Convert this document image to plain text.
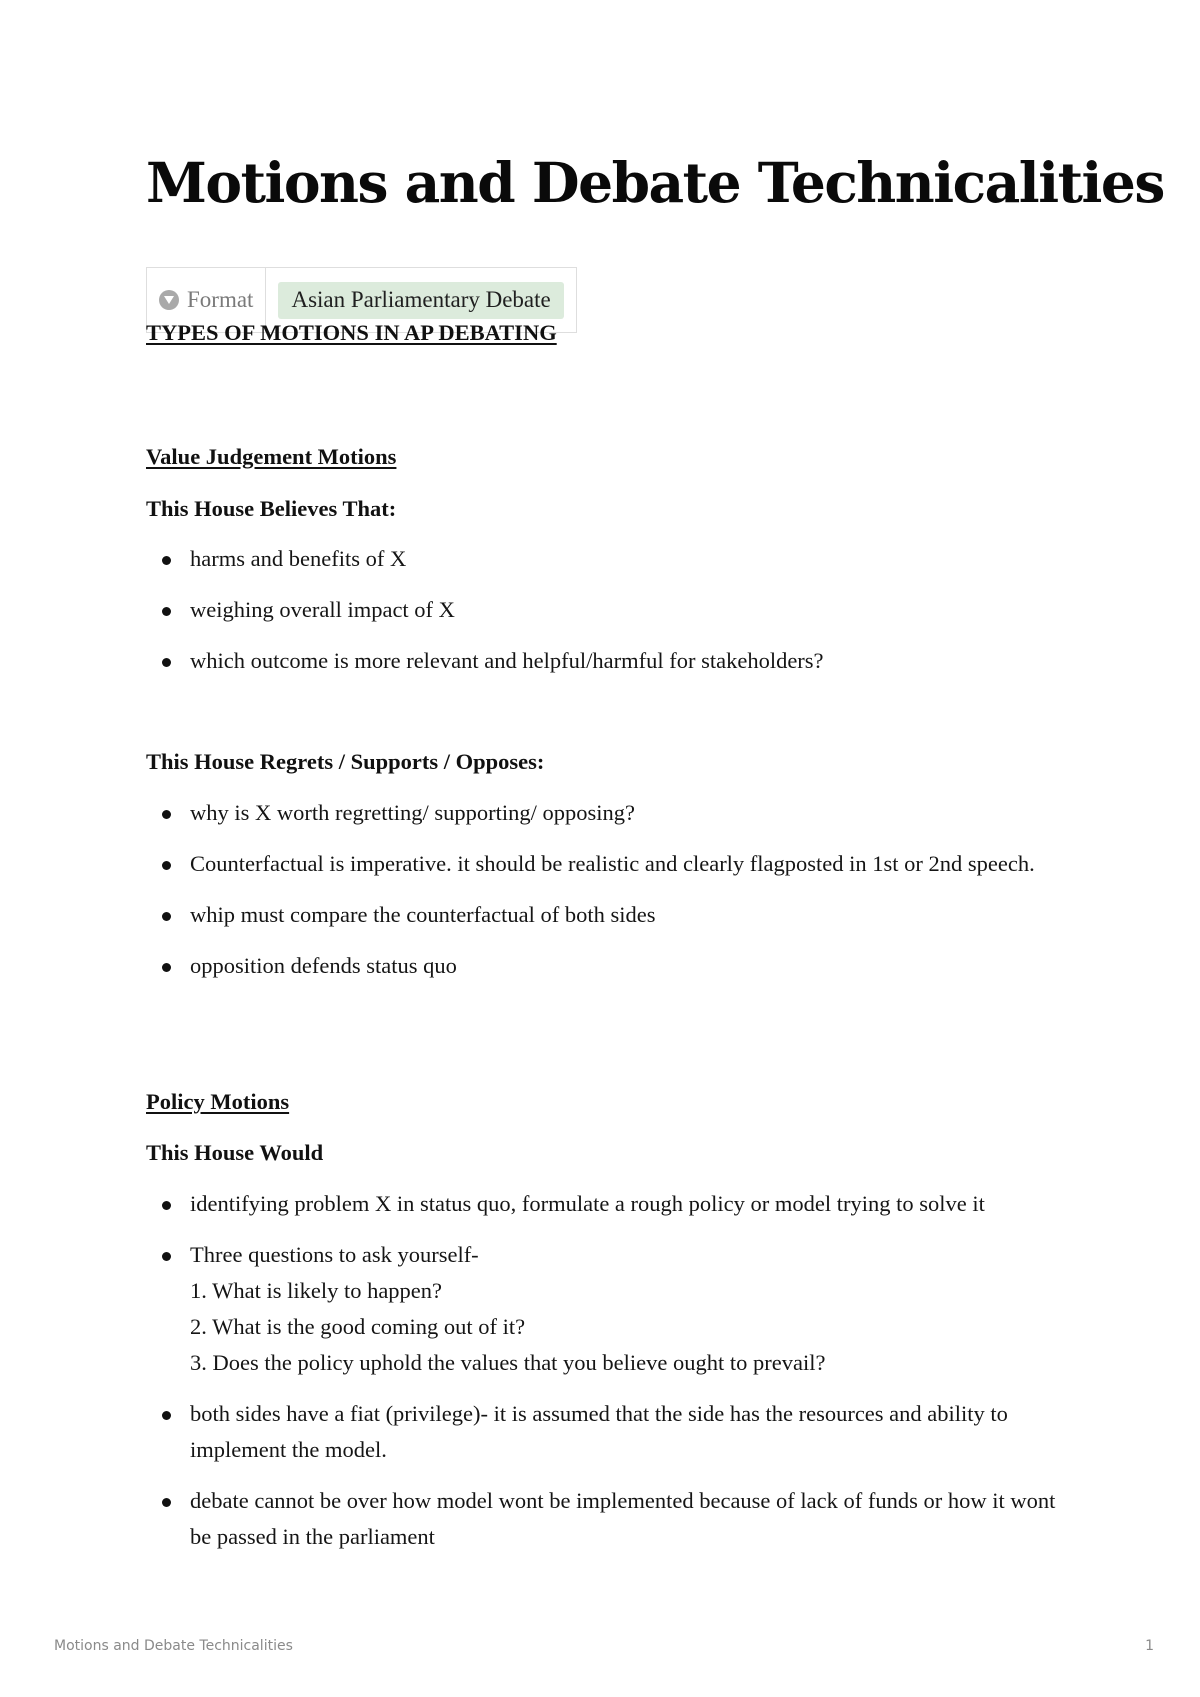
Motions and Debate Technicalities
Format	Asian Parliamentary Debate
TYPES OF MOTIONS IN AP DEBATING
Value Judgement Motions
This House Believes That:
harms and benefits of X
weighing overall impact of X
which outcome is more relevant and helpful/harmful for stakeholders?
This House Regrets / Supports / Opposes:
why is X worth regretting/ supporting/ opposing?
Counterfactual is imperative. it should be realistic and clearly flagposted in 1st or 2nd speech.
whip must compare the counterfactual of both sides
opposition defends status quo
Policy Motions
This House Would
identifying problem X in status quo, formulate a rough policy or model trying to solve it
Three questions to ask yourself-
1. What is likely to happen?
2. What is the good coming out of it?
3. Does the policy uphold the values that you believe ought to prevail?
both sides have a fiat (privilege)- it is assumed that the side has the resources and ability to implement the model.
debate cannot be over how model wont be implemented because of lack of funds or how it wont be passed in the parliament
Motions and Debate Technicalities	1
